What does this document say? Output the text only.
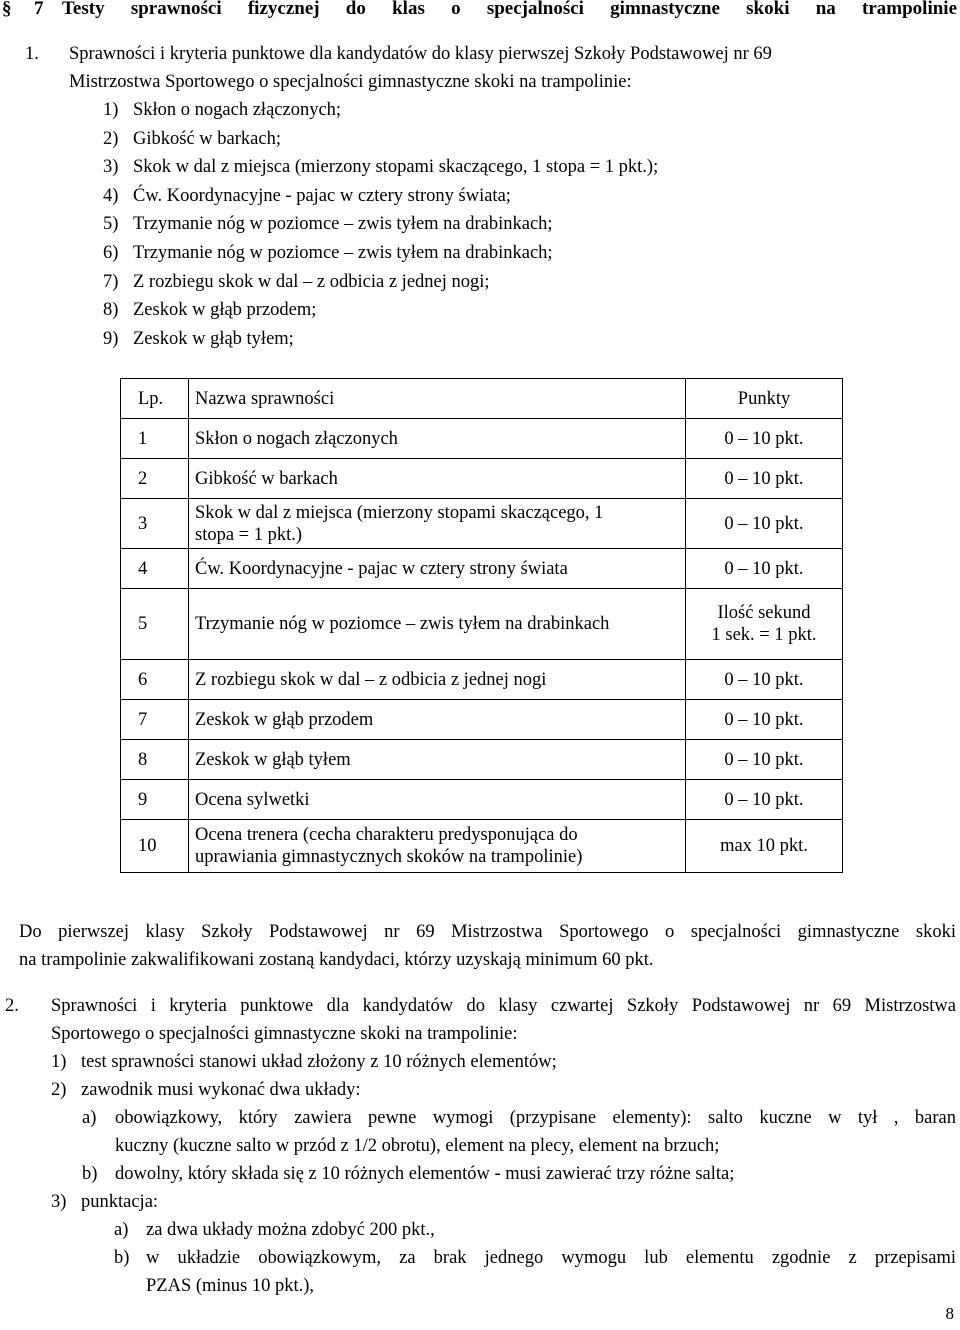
§	7 Testy sprawności fizycznej do klas o specjalności gimnastyczne skoki na trampolinie
1. Sprawności i kryteria punktowe dla kandydatów do klasy pierwszej Szkoły Podstawowej nr 69
Mistrzostwa Sportowego o specjalności gimnastyczne skoki na trampolinie:
1) Skłon o nogach złączonych;
2) Gibkość w barkach;
3) Skok w dal z miejsca (mierzony stopami skaczącego, 1 stopa = 1 pkt.);
4) Ćw. Koordynacyjne - pajac w cztery strony świata;
5) Trzymanie nóg w poziomce – zwis tyłem na drabinkach;
6) Trzymanie nóg w poziomce – zwis tyłem na drabinkach;
7) Z rozbiegu skok w dal – z odbicia z jednej nogi;
8) Zeskok w głąb przodem;
9) Zeskok w głąb tyłem;
Lp.	Nazwa sprawności	Punkty
1	Skłon o nogach złączonych	0 – 10 pkt.

2	Gibkość w barkach	0 – 10 pkt.

3	Skok w dal z miejsca (mierzony stopami skaczącego, 1
stopa = 1 pkt.)	0 – 10 pkt.

4	Ćw. Koordynacyjne - pajac w cztery strony świata	0 – 10 pkt.

5	Trzymanie nóg w poziomce – zwis tyłem na drabinkach	Ilość sekund
1 sek. = 1 pkt.

6	Z rozbiegu skok w dal – z odbicia z jednej nogi	0 – 10 pkt.

7	Zeskok w głąb przodem	0 – 10 pkt.

8	Zeskok w głąb tyłem	0 – 10 pkt.

9	Ocena sylwetki	0 – 10 pkt.

10	Ocena trenera (cecha charakteru predysponująca do
uprawiania gimnastycznych skoków na trampolinie)	max 10 pkt.
Do pierwszej klasy Szkoły Podstawowej nr 69 Mistrzostwa Sportowego o specjalności gimnastyczne skoki
na trampolinie zakwalifikowani zostaną kandydaci, którzy uzyskają minimum 60 pkt.
2. Sprawności i kryteria punktowe dla kandydatów do klasy czwartej Szkoły Podstawowej nr 69 Mistrzostwa
Sportowego o specjalności gimnastyczne skoki na trampolinie:
1) test sprawności stanowi układ złożony z 10 różnych elementów;
2) zawodnik musi wykonać dwa układy:
a) obowiązkowy, który zawiera pewne wymogi (przypisane elementy): salto kuczne w tył , baran
kuczny (kuczne salto w przód z 1/2 obrotu), element na plecy, element na brzuch;
b) dowolny, który składa się z 10 różnych elementów - musi zawierać trzy różne salta;
3) punktacja:
a) za dwa układy można zdobyć 200 pkt.,
b) w układzie obowiązkowym, za brak jednego wymogu lub elementu zgodnie z przepisami
PZAS (minus 10 pkt.),
8
